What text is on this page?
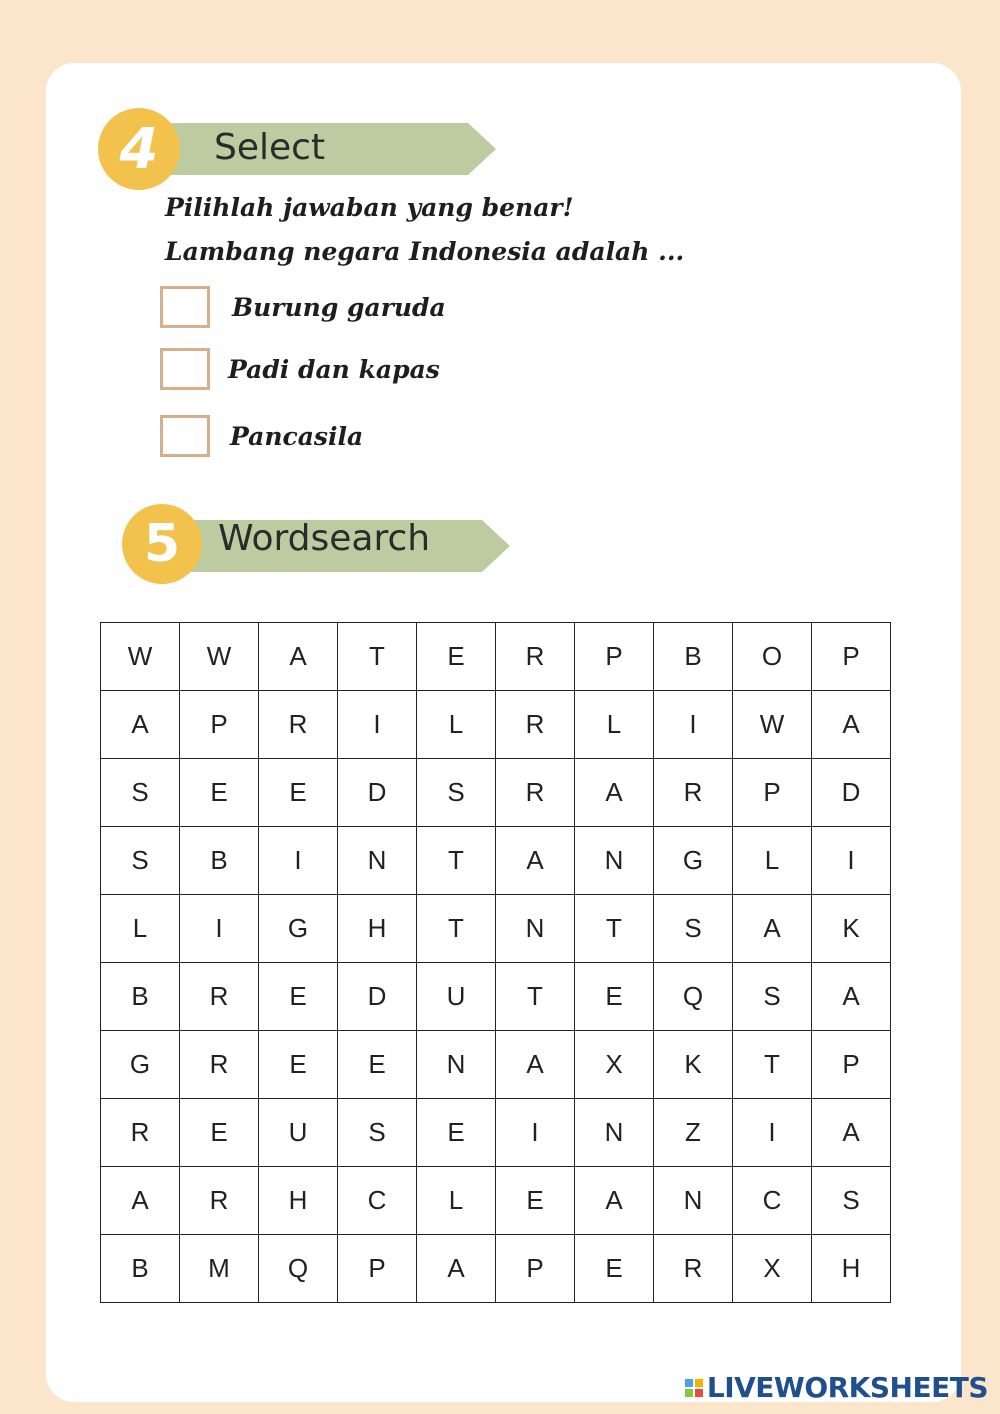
4 Select
Pilihlah jawaban yang benar!
Lambang negara Indonesia adalah ...
Burung garuda
Padi dan kapas
Pancasila
5 Wordsearch
W	W	A	T	E	R	P	B	O	P
A	P	R	I	L	R	L	I	W	A
S	E	E	D	S	R	A	R	P	D
S	B	I	N	T	A	N	G	L	I
L	I	G	H	T	N	T	S	A	K
B	R	E	D	U	T	E	Q	S	A
G	R	E	E	N	A	X	K	T	P
R	E	U	S	E	I	N	Z	I	A
A	R	H	C	L	E	A	N	C	S
B	M	Q	P	A	P	E	R	X	H
LIVEWORKSHEETS
